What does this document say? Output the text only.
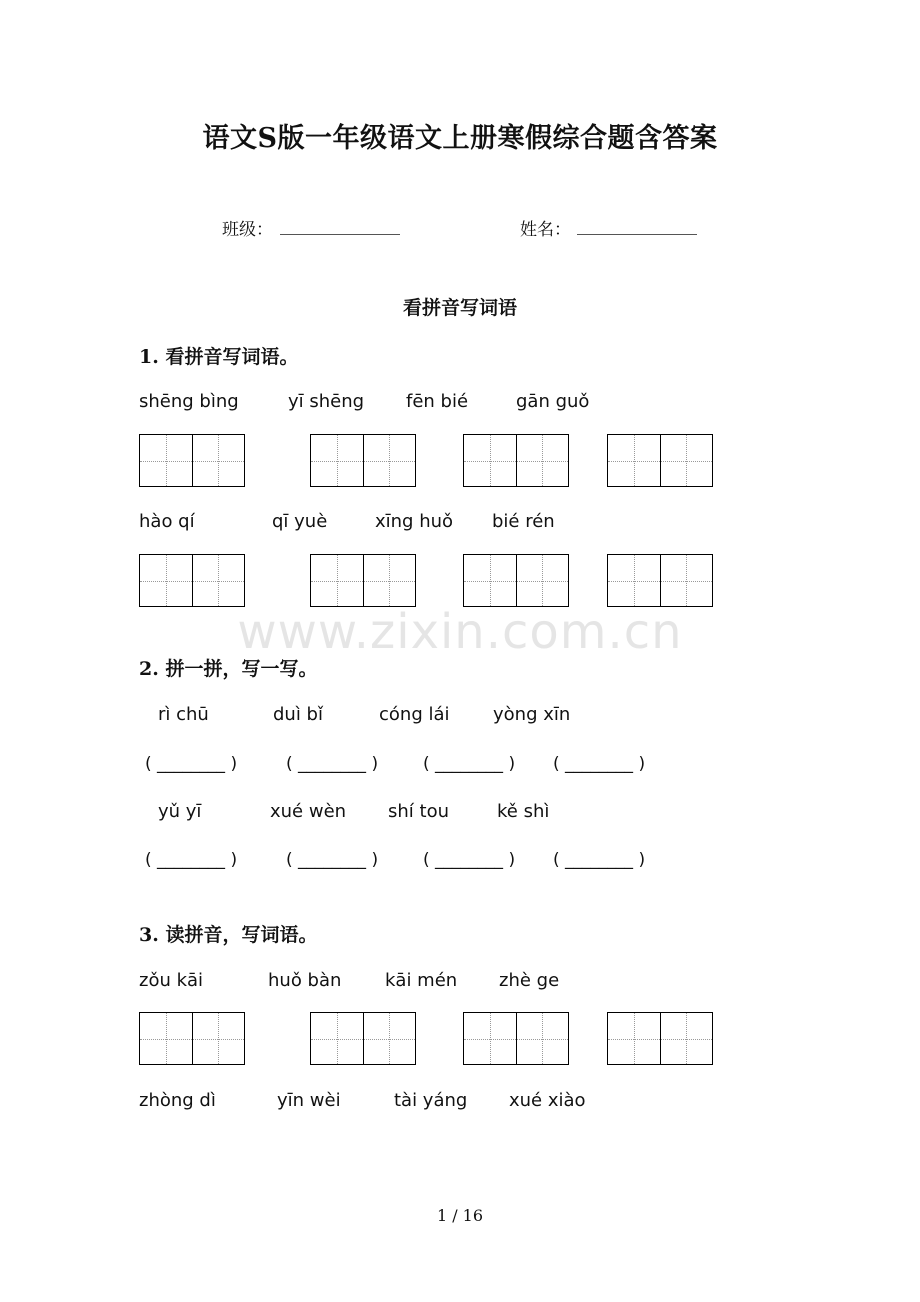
语文S版一年级语文上册寒假综合题含答案
班级：	姓名：
看拼音写词语
1. 看拼音写词语。
shēng bìng	yī shēng fēn bié	gān guǒ
hào qí	qī yuè	xīng huǒ bié rén
www.zixin.com.cn
2. 拼一拼，写一写。
rì chū	duì bǐ	cóng lái yòng xīn
( ________ )	( ________ )	( ________ ) ( ________ )
yǔ yī	xué wèn shí tou	kě shì
( ________ )	( ________ )	( ________ ) ( ________ )
3. 读拼音，写词语。
zǒu kāi	huǒ bàn kāi mén zhè ge
zhòng dì	yīn wèi	tài yáng xué xiào
1 / 16
